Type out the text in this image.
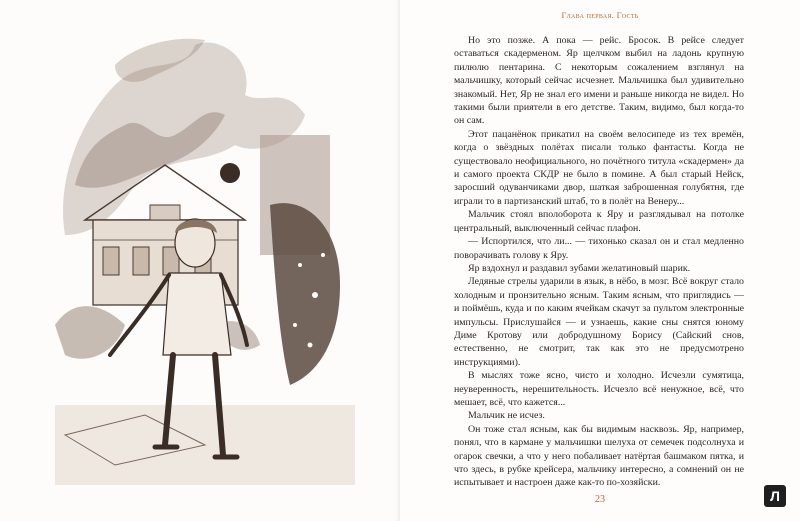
Глава первая. Гость

Но это позже. А пока — рейс. Бросок. В рейсе следует оставаться скадерменом. Яр щелчком выбил на ладонь крупную пилюлю пентарина. С некоторым сожалением взглянул на мальчишку, который сейчас исчезнет. Мальчишка был удивительно знакомый. Нет, Яр не знал его имени и раньше никогда не видел. Но такими были приятели в его детстве. Таким, видимо, был когда-то он сам.

Этот пацанёнок прикатил на своём велосипеде из тех времён, когда о звёздных полётах писали только фантасты. Когда не существовало неофициального, но почётного титула «скадермен» да и самого проекта СКДР не было в помине. А был старый Нейск, заросший одуванчиками двор, шаткая заброшенная голубятня, где играли то в партизанский штаб, то в полёт на Венеру...

Мальчик стоял вполоборота к Яру и разглядывал на потолке центральный, выключенный сейчас плафон.

— Испортился, что ли... — тихонько сказал он и стал медленно поворачивать голову к Яру.

Яр вздохнул и раздавил зубами желатиновый шарик.

Ледяные стрелы ударили в язык, в нёбо, в мозг. Всё вокруг стало холодным и пронзительно ясным. Таким ясным, что приглядись — и поймёшь, куда и по каким ячейкам скачут за пультом электронные импульсы. Прислушайся — и узнаешь, какие сны снятся юному Диме Кротову или добродушному Борису (Сайский снов, естественно, не смотрит, так как это не предусмотрено инструкциями).

В мыслях тоже ясно, чисто и холодно. Исчезли сумятица, неуверенность, нерешительность. Исчезло всё ненужное, всё, что мешает, всё, что кажется...

Мальчик не исчез.

Он тоже стал ясным, как бы видимым насквозь. Яр, например, понял, что в кармане у мальчишки шелуха от семечек подсолнуха и огарок свечки, а что у него побаливает натёртая башмаком пятка, и что здесь, в рубке крейсера, мальчику интересно, а сомнений он не испытывает и настроен даже как-то по-хозяйски.

23	Л
